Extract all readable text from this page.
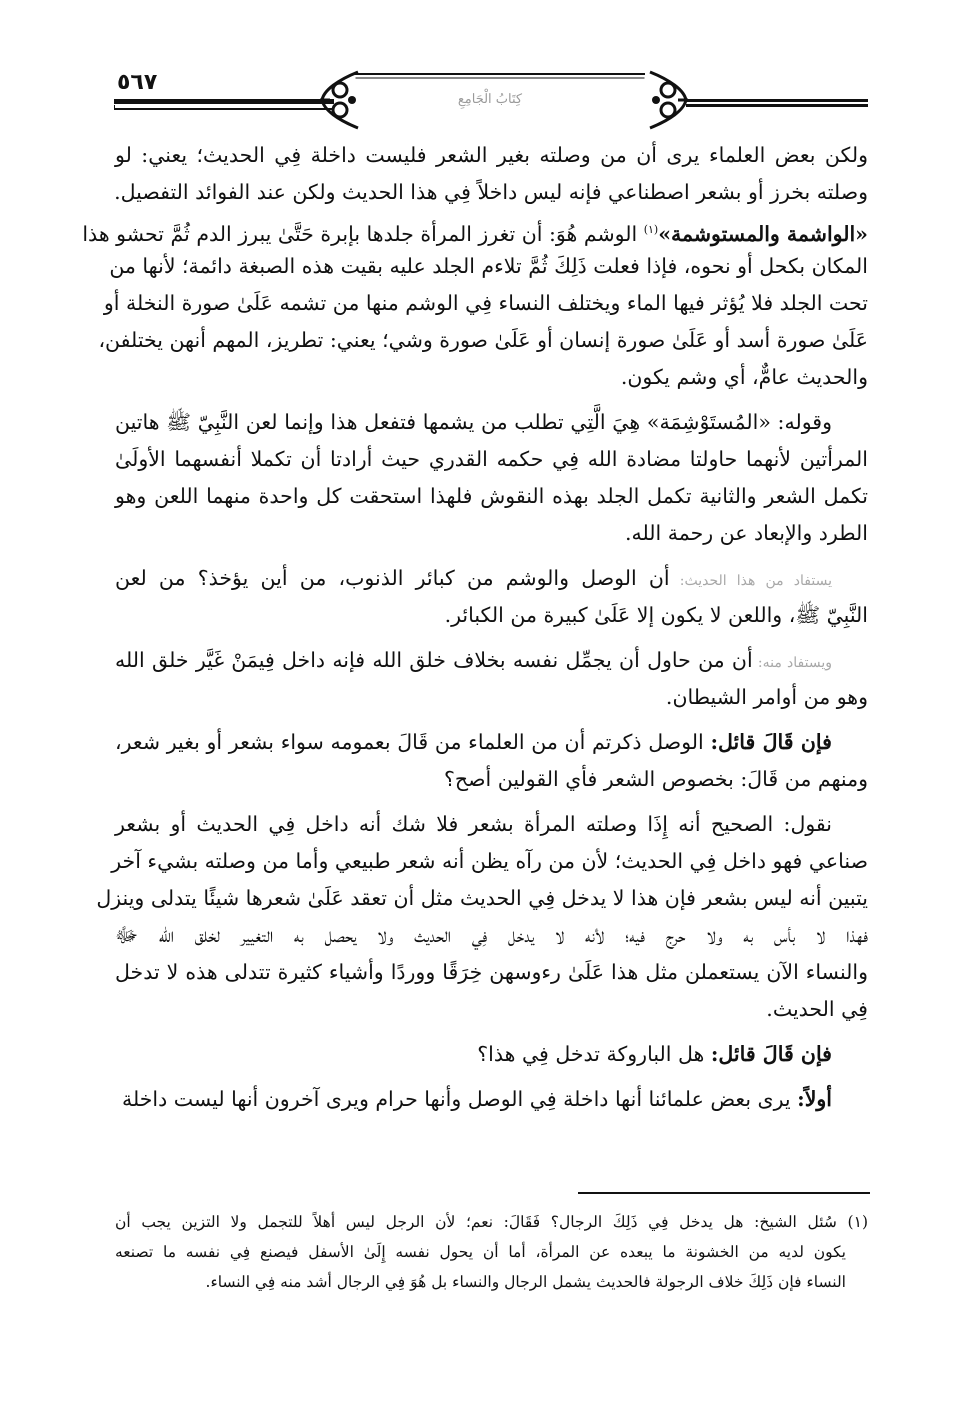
٥٦٧
كِتَابُ الْجَامِعِ
ولكن بعض العلماء يرى أن من وصلته بغير الشعر فليست داخلة فِي الحديث؛ يعني: لو
وصلته بخرز أو بشعر اصطناعي فإنه ليس داخلاً فِي هذا الحديث ولكن عند الفوائد التفصيل.
«الواشمة والمستوشمة»$^{(١)}$ الوشم هُوَ: أن تغرز المرأة جلدها بإبرة حَتَّىٰ يبرز الدم ثُمَّ تحشو هذا
المكان بكحل أو نحوه، فإذا فعلت ذَلِكَ ثُمَّ تلاءم الجلد عليه بقيت هذه الصبغة دائمة؛ لأنها من
تحت الجلد فلا يُؤثر فيها الماء ويختلف النساء فِي الوشم منها من تشمه عَلَىٰ صورة النخلة أو
عَلَىٰ صورة أسد أو عَلَىٰ صورة إنسان أو عَلَىٰ صورة وشي؛ يعني: تطريز، المهم أنهن يختلفن،
والحديث عامٌّ، أي وشم يكون.
وقوله: «المُستَوْشِمَة» هِيَ الَّتِي تطلب من يشمها فتفعل هذا وإنما لعن النَّبِيّ ﷺ هاتين
المرأتين لأنهما حاولتا مضادة الله فِي حكمه القدري حيث أرادتا أن تكملا أنفسهما الأولَىٰ
تكمل الشعر والثانية تكمل الجلد بهذه النقوش فلهذا استحقت كل واحدة منهما اللعن وهو
الطرد والإبعاد عن رحمة الله.
يستفاد من هذا الحديث: أن الوصل والوشم من كبائر الذنوب، من أين يؤخذ؟ من لعن
النَّبِيّ ﷺ، واللعن لا يكون إلا عَلَىٰ كبيرة من الكبائر.
ويستفاد منه: أن من حاول أن يجمِّل نفسه بخلاف خلق الله فإنه داخل فِيمَنْ غَيَّر خلق الله
وهو من أوامر الشيطان.
فإن قَالَ قائل: الوصل ذكرتم أن من العلماء من قَالَ بعمومه سواء بشعر أو بغير شعر،
ومنهم من قَالَ: بخصوص الشعر فأي القولين أصح؟
نقول: الصحيح أنه إِذَا وصلته المرأة بشعر فلا شك أنه داخل فِي الحديث أو بشعر
صناعي فهو داخل فِي الحديث؛ لأن من رآه يظن أنه شعر طبيعي وأما من وصلته بشيء آخر
يتبين أنه ليس بشعر فإن هذا لا يدخل فِي الحديث مثل أن تعقد عَلَىٰ شعرها شيئًا يتدلى وينزل
فهذا لا بأس به ولا حرج فيه؛ لأنه لا يدخل فِي الحديث ولا يحصل به التغيير لخلق الله ﷻ
والنساء الآن يستعملن مثل هذا عَلَىٰ رءوسهن خِرَقًا ووردًا وأشياء كثيرة تتدلى هذه لا تدخل
فِي الحديث.
فإن قَالَ قائل: هل الباروكة تدخل فِي هذا؟
أولاً: يرى بعض علمائنا أنها داخلة فِي الوصل وأنها حرام ويرى آخرون أنها ليست داخلة
(١) سُئل الشيخ: هل يدخل فِي ذَلِكَ الرجال؟ فَقَالَ: نعم؛ لأن الرجل ليس أهلاً للتجمل ولا التزين يجب أن
يكون لديه من الخشونة ما يبعده عن المرأة، أما أن يحول نفسه إِلَىٰ الأسفل فيصنع فِي نفسه ما تصنعه
النساء فإن ذَلِكَ خلاف الرجولة فالحديث يشمل الرجال والنساء بل هُوَ فِي الرجال أشد منه فِي النساء.
